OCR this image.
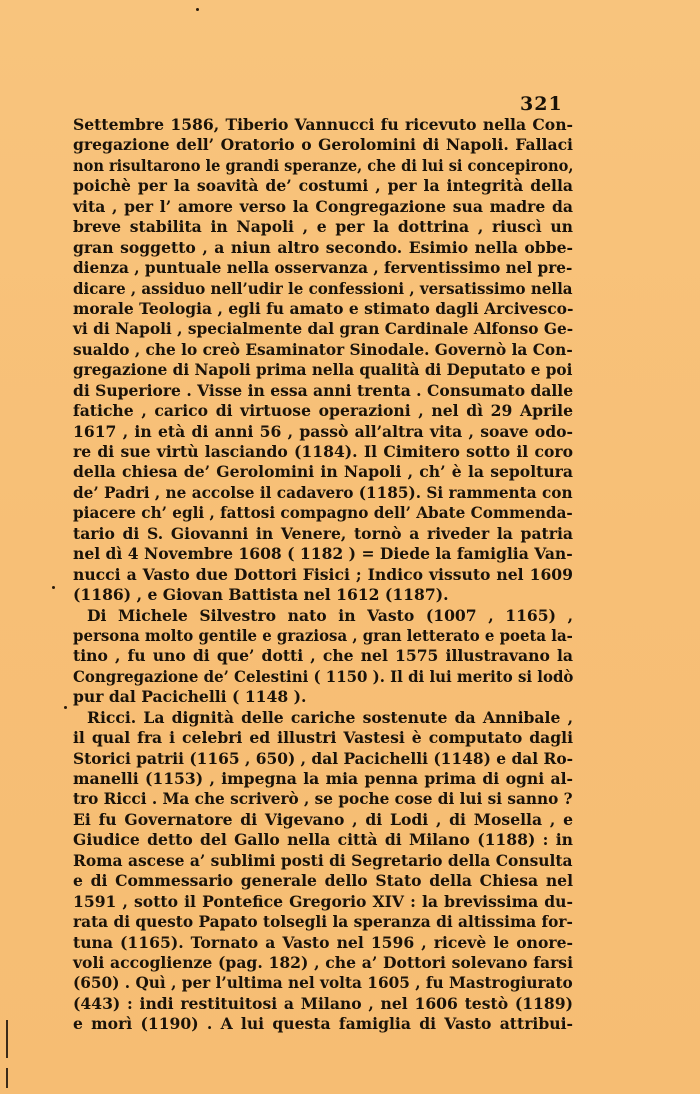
321
Settembre 1586, Tiberio Vannucci fu ricevuto nella Con-
gregazione dell’ Oratorio o Gerolomini di Napoli. Fallaci
non risultarono le grandi speranze, che di lui si concepirono,
poichè per la soavità de’ costumi , per la integrità della
vita , per l’ amore verso la Congregazione sua madre da
breve stabilita in Napoli , e per la dottrina , riuscì un
gran soggetto , a niun altro secondo. Esimio nella obbe-
dienza , puntuale nella osservanza , ferventissimo nel pre-
dicare , assiduo nell’udir le confessioni , versatissimo nella
morale Teologia , egli fu amato e stimato dagli Arcivesco-
vi di Napoli , specialmente dal gran Cardinale Alfonso Ge-
sualdo , che lo creò Esaminator Sinodale. Governò la Con-
gregazione di Napoli prima nella qualità di Deputato e poi
di Superiore . Visse in essa anni trenta . Consumato dalle
fatiche , carico di virtuose operazioni , nel dì 29 Aprile
1617 , in età di anni 56 , passò all’altra vita , soave odo-
re di sue virtù lasciando (1184). Il Cimitero sotto il coro
della chiesa de’ Gerolomini in Napoli , ch’ è la sepoltura
de’ Padri , ne accolse il cadavero (1185). Si rammenta con
piacere ch’ egli , fattosi compagno dell’ Abate Commenda-
tario di S. Giovanni in Venere, tornò a riveder la patria
nel dì 4 Novembre 1608 ( 1182 ) = Diede la famiglia Van-
nucci a Vasto due Dottori Fisici ; Indico vissuto nel 1609
(1186) , e Giovan Battista nel 1612 (1187).
Di Michele Silvestro nato in Vasto (1007 , 1165) ,
persona molto gentile e graziosa , gran letterato e poeta la-
tino , fu uno di que’ dotti , che nel 1575 illustravano la
Congregazione de’ Celestini ( 1150 ). Il di lui merito si lodò
pur dal Pacichelli ( 1148 ).
Ricci. La dignità delle cariche sostenute da Annibale ,
il qual fra i celebri ed illustri Vastesi è computato dagli
Storici patrii (1165 , 650) , dal Pacichelli (1148) e dal Ro-
manelli (1153) , impegna la mia penna prima di ogni al-
tro Ricci . Ma che scriverò , se poche cose di lui si sanno ?
Ei fu Governatore di Vigevano , di Lodi , di Mosella , e
Giudice detto del Gallo nella città di Milano (1188) : in
Roma ascese a’ sublimi posti di Segretario della Consulta
e di Commessario generale dello Stato della Chiesa nel
1591 , sotto il Pontefice Gregorio XIV : la brevissima du-
rata di questo Papato tolsegli la speranza di altissima for-
tuna (1165). Tornato a Vasto nel 1596 , ricevè le onore-
voli accoglienze (pag. 182) , che a’ Dottori solevano farsi
(650) . Quì , per l’ultima nel volta 1605 , fu Mastrogiurato
(443) : indi restituitosi a Milano , nel 1606 testò (1189)
e morì (1190) . A lui questa famiglia di Vasto attribui-
